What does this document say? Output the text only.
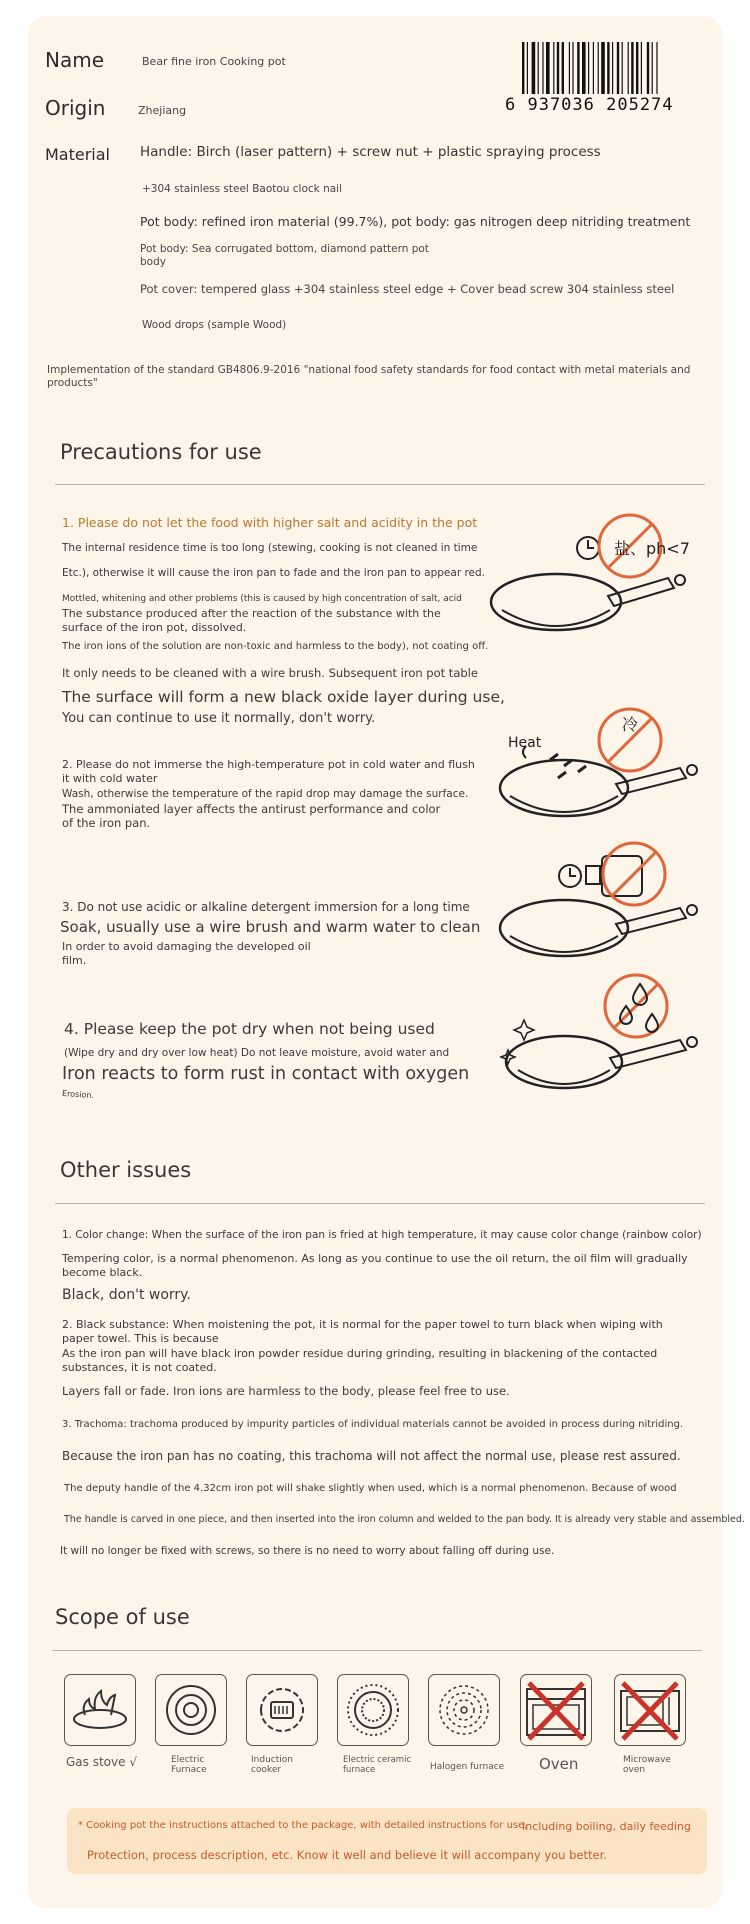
Name	Bear fine iron Cooking pot
Origin	Zhejiang
Material
6 937036 205274
Handle: Birch (laser pattern) + screw nut + plastic spraying process
+304 stainless steel Baotou clock nail
Pot body: refined iron material (99.7%), pot body: gas nitrogen deep nitriding treatment
Pot body: Sea corrugated bottom, diamond pattern pot body
Pot cover: tempered glass +304 stainless steel edge + Cover bead screw 304 stainless steel
Wood drops (sample Wood)
Implementation of the standard GB4806.9-2016 "national food safety standards for food contact with metal materials and products"
Precautions for use
1. Please do not let the food with higher salt and acidity in the pot
The internal residence time is too long (stewing, cooking is not cleaned in time
Etc.), otherwise it will cause the iron pan to fade and the iron pan to appear red.
Mottled, whitening and other problems (this is caused by high concentration of salt, acid
The substance produced after the reaction of the substance with the surface of the iron pot, dissolved.
The iron ions of the solution are non-toxic and harmless to the body), not coating off.
It only needs to be cleaned with a wire brush. Subsequent iron pot table
The surface will form a new black oxide layer during use,
You can continue to use it normally, don't worry.
2. Please do not immerse the high-temperature pot in cold water and flush it with cold water
Wash, otherwise the temperature of the rapid drop may damage the surface.
The ammoniated layer affects the antirust performance and color of the iron pan.
3. Do not use acidic or alkaline detergent immersion for a long time
Soak, usually use a wire brush and warm water to clean
In order to avoid damaging the developed oil film.
4. Please keep the pot dry when not being used
(Wipe dry and dry over low heat) Do not leave moisture, avoid water and
Iron reacts to form rust in contact with oxygen
Erosion.
盐、ph<7
Heat
冷
Other issues
1. Color change: When the surface of the iron pan is fried at high temperature, it may cause color change (rainbow color)
Tempering color, is a normal phenomenon. As long as you continue to use the oil return, the oil film will gradually become black.
Black, don't worry.
2. Black substance: When moistening the pot, it is normal for the paper towel to turn black when wiping with paper towel. This is because
As the iron pan will have black iron powder residue during grinding, resulting in blackening of the contacted substances, it is not coated.
Layers fall or fade. Iron ions are harmless to the body, please feel free to use.
3. Trachoma: trachoma produced by impurity particles of individual materials cannot be avoided in process during nitriding.
Because the iron pan has no coating, this trachoma will not affect the normal use, please rest assured.
The deputy handle of the 4.32cm iron pot will shake slightly when used, which is a normal phenomenon. Because of wood
The handle is carved in one piece, and then inserted into the iron column and welded to the pan body. It is already very stable and assembled.
It will no longer be fixed with screws, so there is no need to worry about falling off during use.
Scope of use
Gas stove √	Electric Furnace
Induction cooker
Electric ceramic furnace	Halogen furnace Oven	Microwave oven
* Cooking pot the instructions attached to the package, with detailed instructions for use,
Including boiling, daily feeding
Protection, process description, etc. Know it well and believe it will accompany you better.
